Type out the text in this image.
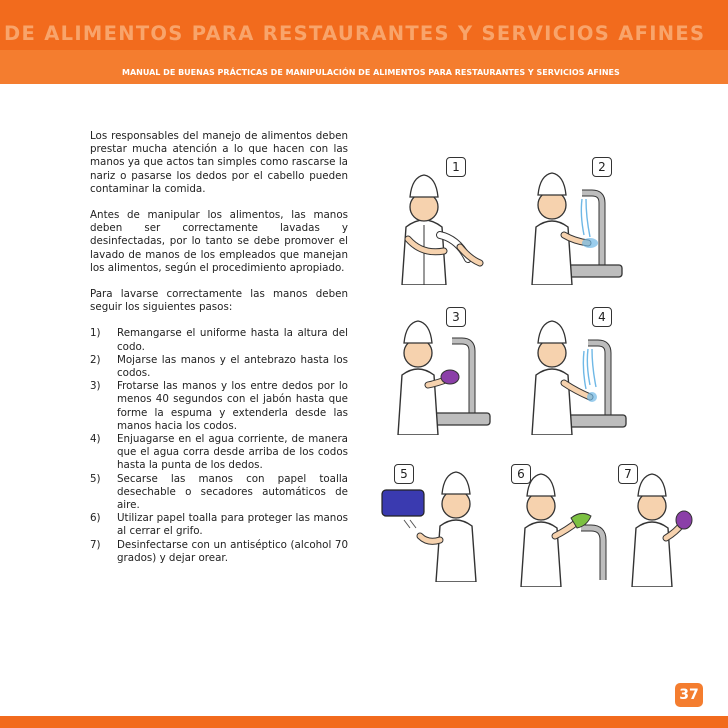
DE ALIMENTOS PARA RESTAURANTES Y SERVICIOS AFINES
MANUAL DE BUENAS PRÁCTICAS DE MANIPULACIÓN DE ALIMENTOS PARA RESTAURANTES Y SERVICIOS AFINES

Los responsables del manejo de alimentos deben prestar mucha atención a lo que hacen con las manos ya que actos tan simples como rascarse la nariz o pasarse los dedos por el cabello pueden contaminar la comida.

Antes de manipular los alimentos, las manos deben ser correctamente lavadas y desinfectadas, por lo tanto se debe promover el lavado de manos de los empleados que manejan los alimentos, según el procedimiento apropiado.

Para lavarse correctamente las manos deben seguir los siguientes pasos:

1)	Remangarse el uniforme hasta la altura del codo.
2)	Mojarse las manos y el antebrazo hasta los codos.
3)	Frotarse las manos y los entre dedos por lo menos 40 segundos con el jabón hasta que forme la espuma y extenderla desde las manos hacia los codos.
4)	Enjuagarse en el agua corriente, de manera que el agua corra desde arriba de los codos hasta la punta de los dedos.
5)	Secarse las manos con papel toalla desechable o secadores automáticos de aire.
6)	Utilizar papel toalla para proteger las manos al cerrar el grifo.
7)	Desinfectarse con un antiséptico (alcohol 70 grados) y dejar orear.
1	2
3	4
5	6	7
37
